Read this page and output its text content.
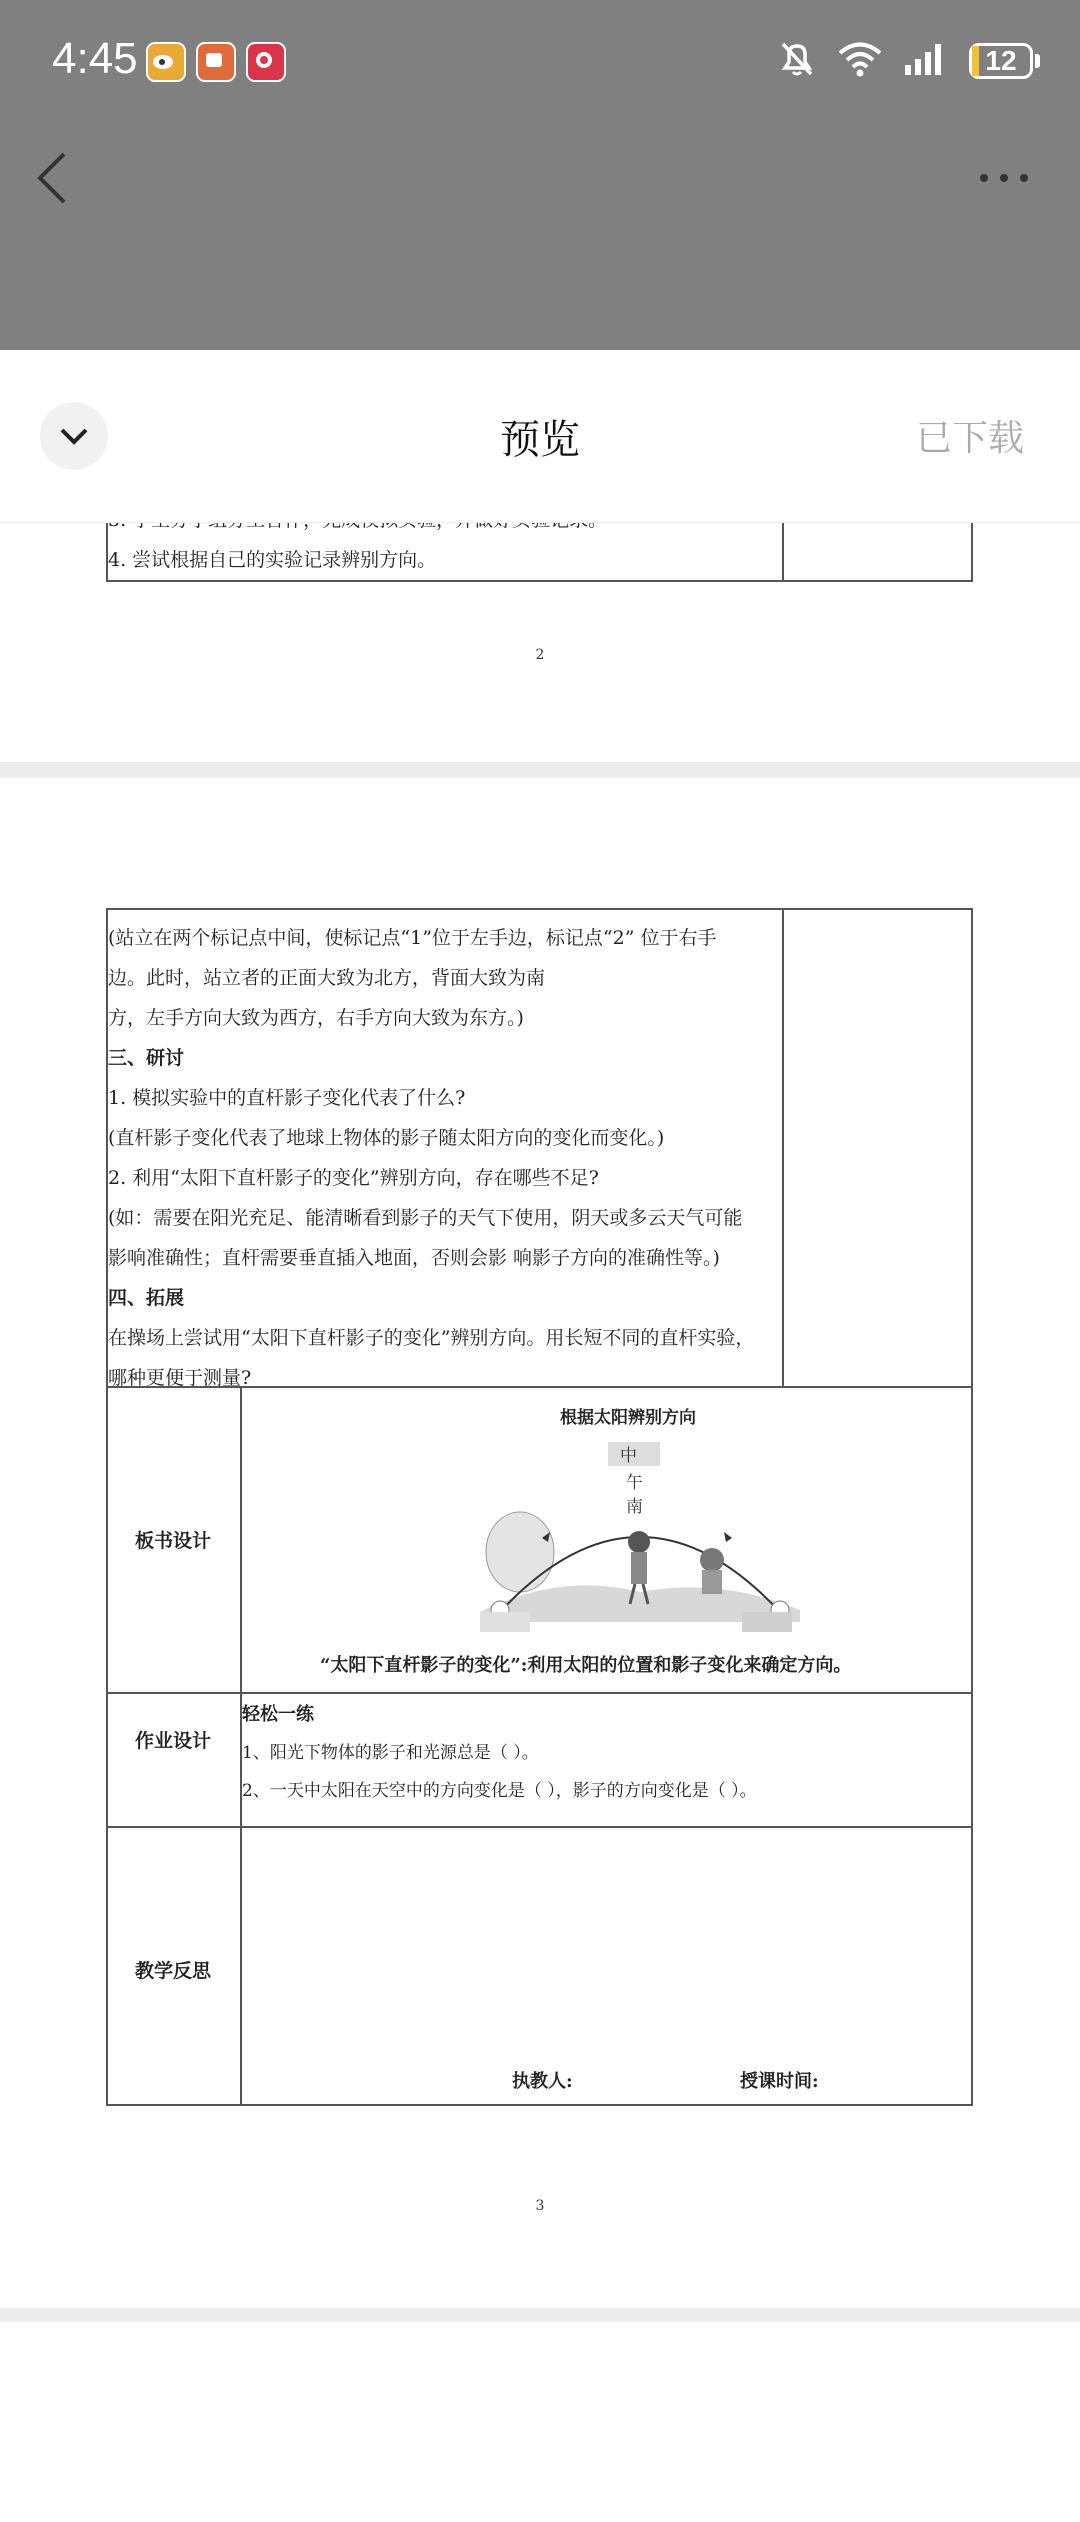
4:45	12
预览	已下载
4. 尝试根据自己的实验记录辨别方向。
2
(站立在两个标记点中间，使标记点“1”位于左手边，标记点“2” 位于右手
边。此时，站立者的正面大致为北方，背面大致为南
方，左手方向大致为西方，右手方向大致为东方。)
三、研讨
1. 模拟实验中的直杆影子变化代表了什么?
(直杆影子变化代表了地球上物体的影子随太阳方向的变化而变化。)
2. 利用“太阳下直杆影子的变化”辨别方向，存在哪些不足?
(如：需要在阳光充足、能清晰看到影子的天气下使用，阴天或多云天气可能
影响准确性；直杆需要垂直插入地面，否则会影 响影子方向的准确性等。)
四、拓展
在操场上尝试用“太阳下直杆影子的变化”辨别方向。用长短不同的直杆实验，
哪种更便于测量?
板书设计
根据太阳辨别方向
中
午
南
“太阳下直杆影子的变化”:利用太阳的位置和影子变化来确定方向。
作业设计
轻松一练
1、阳光下物体的影子和光源总是（ ）。
2、一天中太阳在天空中的方向变化是（ ），影子的方向变化是（ ）。
教学反思
执教人:	授课时间:
3
